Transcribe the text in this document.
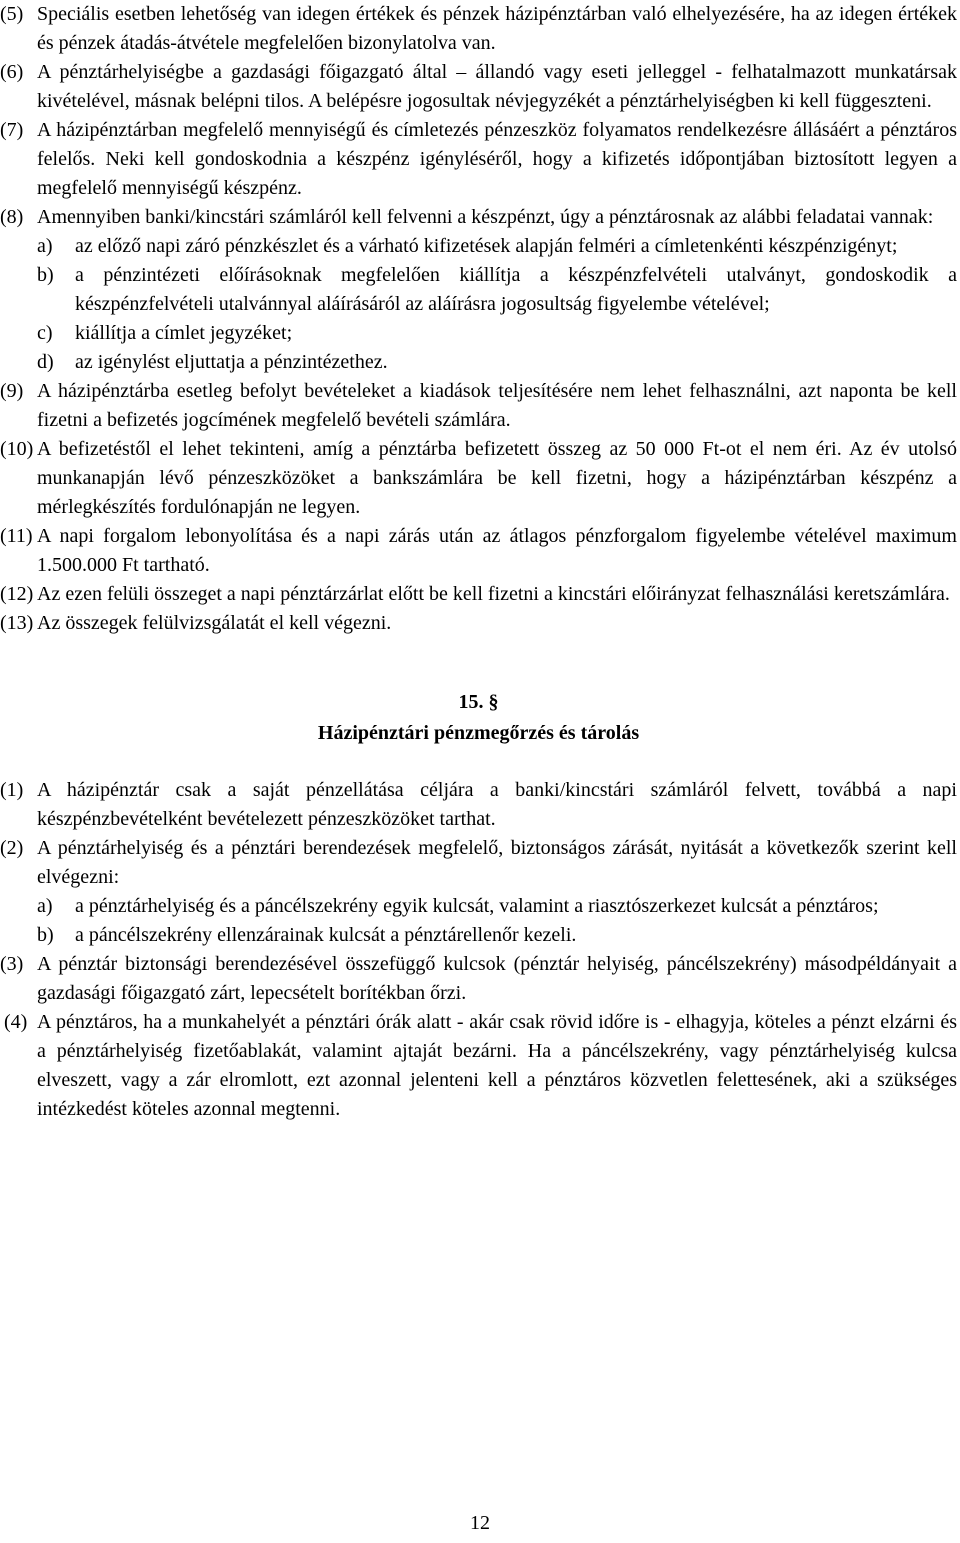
(5) Speciális esetben lehetőség van idegen értékek és pénzek házipénztárban való elhelyezésére, ha az idegen értékek és pénzek átadás-átvétele megfelelően bizonylatolva van.
(6) A pénztárhelyiségbe a gazdasági főigazgató által – állandó vagy eseti jelleggel - felhatalmazott munkatársak kivételével, másnak belépni tilos. A belépésre jogosultak névjegyzékét a pénztárhelyiségben ki kell függeszteni.
(7) A házipénztárban megfelelő mennyiségű és címletezés pénzeszköz folyamatos rendelkezésre állásáért a pénztáros felelős. Neki kell gondoskodnia a készpénz igényléséről, hogy a kifizetés időpontjában biztosított legyen a megfelelő mennyiségű készpénz.
(8) Amennyiben banki/kincstári számláról kell felvenni a készpénzt, úgy a pénztárosnak az alábbi feladatai vannak:
a)	az előző napi záró pénzkészlet és a várható kifizetések alapján felméri a címletenkénti készpénzigényt;
b)	a pénzintézeti előírásoknak megfelelően kiállítja a készpénzfelvételi utalványt, gondoskodik a készpénzfelvételi utalvánnyal aláírásáról az aláírásra jogosultság figyelembe vételével;
c)	kiállítja a címlet jegyzéket;
d)	az igénylést eljuttatja a pénzintézethez.
(9) A házipénztárba esetleg befolyt bevételeket a kiadások teljesítésére nem lehet felhasználni, azt naponta be kell fizetni a befizetés jogcímének megfelelő bevételi számlára.
(10) A befizetéstől el lehet tekinteni, amíg a pénztárba befizetett összeg az 50 000 Ft-ot el nem éri. Az év utolsó munkanapján lévő pénzeszközöket a bankszámlára be kell fizetni, hogy a házipénztárban készpénz a mérlegkészítés fordulónapján ne legyen.
(11) A napi forgalom lebonyolítása és a napi zárás után az átlagos pénzforgalom figyelembe vételével maximum 1.500.000 Ft tartható.
(12) Az ezen felüli összeget a napi pénztárzárlat előtt be kell fizetni a kincstári előirányzat felhasználási keretszámlára.
(13) Az összegek felülvizsgálatát el kell végezni.

15. §

Házipénztári pénzmegőrzés és tárolás

(1) A házipénztár csak a saját pénzellátása céljára a banki/kincstári számláról felvett, továbbá a napi készpénzbevételként bevételezett pénzeszközöket tarthat.
(2) A pénztárhelyiség és a pénztári berendezések megfelelő, biztonságos zárását, nyitását a következők szerint kell elvégezni:
a)	a pénztárhelyiség és a páncélszekrény egyik kulcsát, valamint a riasztószerkezet kulcsát a pénztáros;
b)	a páncélszekrény ellenzárainak kulcsát a pénztárellenőr kezeli.
(3) A pénztár biztonsági berendezésével összefüggő kulcsok (pénztár helyiség, páncélszekrény) másodpéldányait a gazdasági főigazgató zárt, lepecsételt borítékban őrzi.
(4) A pénztáros, ha a munkahelyét a pénztári órák alatt - akár csak rövid időre is - elhagyja, köteles a pénzt elzárni és a pénztárhelyiség fizetőablakát, valamint ajtaját bezárni. Ha a páncélszekrény, vagy pénztárhelyiség kulcsa elveszett, vagy a zár elromlott, ezt azonnal jelenteni kell a pénztáros közvetlen felettesének, aki a szükséges intézkedést köteles azonnal megtenni.
12
